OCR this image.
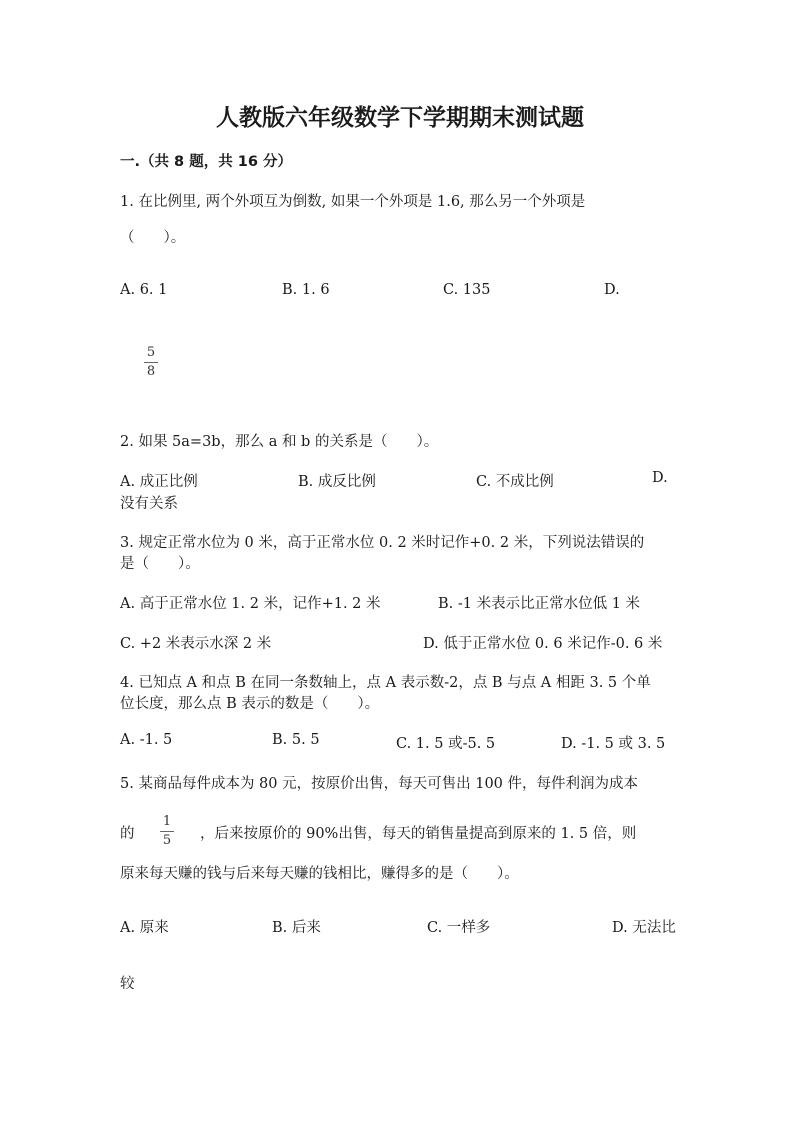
人教版六年级数学下学期期末测试题
一.（共 8 题，共 16 分）
1. 在比例里, 两个外项互为倒数, 如果一个外项是 1.6, 那么另一个外项是
（　　）。
A. 6. 1	B. 1. 6	C. 135	D.
5
8
2. 如果 5a=3b，那么 a 和 b 的关系是（　　）。
A. 成正比例	B. 成反比例	C. 不成比例	D.
没有关系
3. 规定正常水位为 0 米，高于正常水位 0. 2 米时记作+0. 2 米，下列说法错误的
是（　　）。
A. 高于正常水位 1. 2 米，记作+1. 2 米	B. -1 米表示比正常水位低 1 米
C. +2 米表示水深 2 米	D. 低于正常水位 0. 6 米记作-0. 6 米
4. 已知点 A 和点 B 在同一条数轴上，点 A 表示数-2，点 B 与点 A 相距 3. 5 个单
位长度，那么点 B 表示的数是（　　）。
A. -1. 5	B. 5. 5	C. 1. 5 或-5. 5	D. -1. 5 或 3. 5
5. 某商品每件成本为 80 元，按原价出售，每天可售出 100 件，每件利润为成本
的
1
5 ，后来按原价的 90%出售，每天的销售量提高到原来的 1. 5 倍，则
原来每天赚的钱与后来每天赚的钱相比，赚得多的是（　　）。
A. 原来	B. 后来	C. 一样多	D. 无法比
较
